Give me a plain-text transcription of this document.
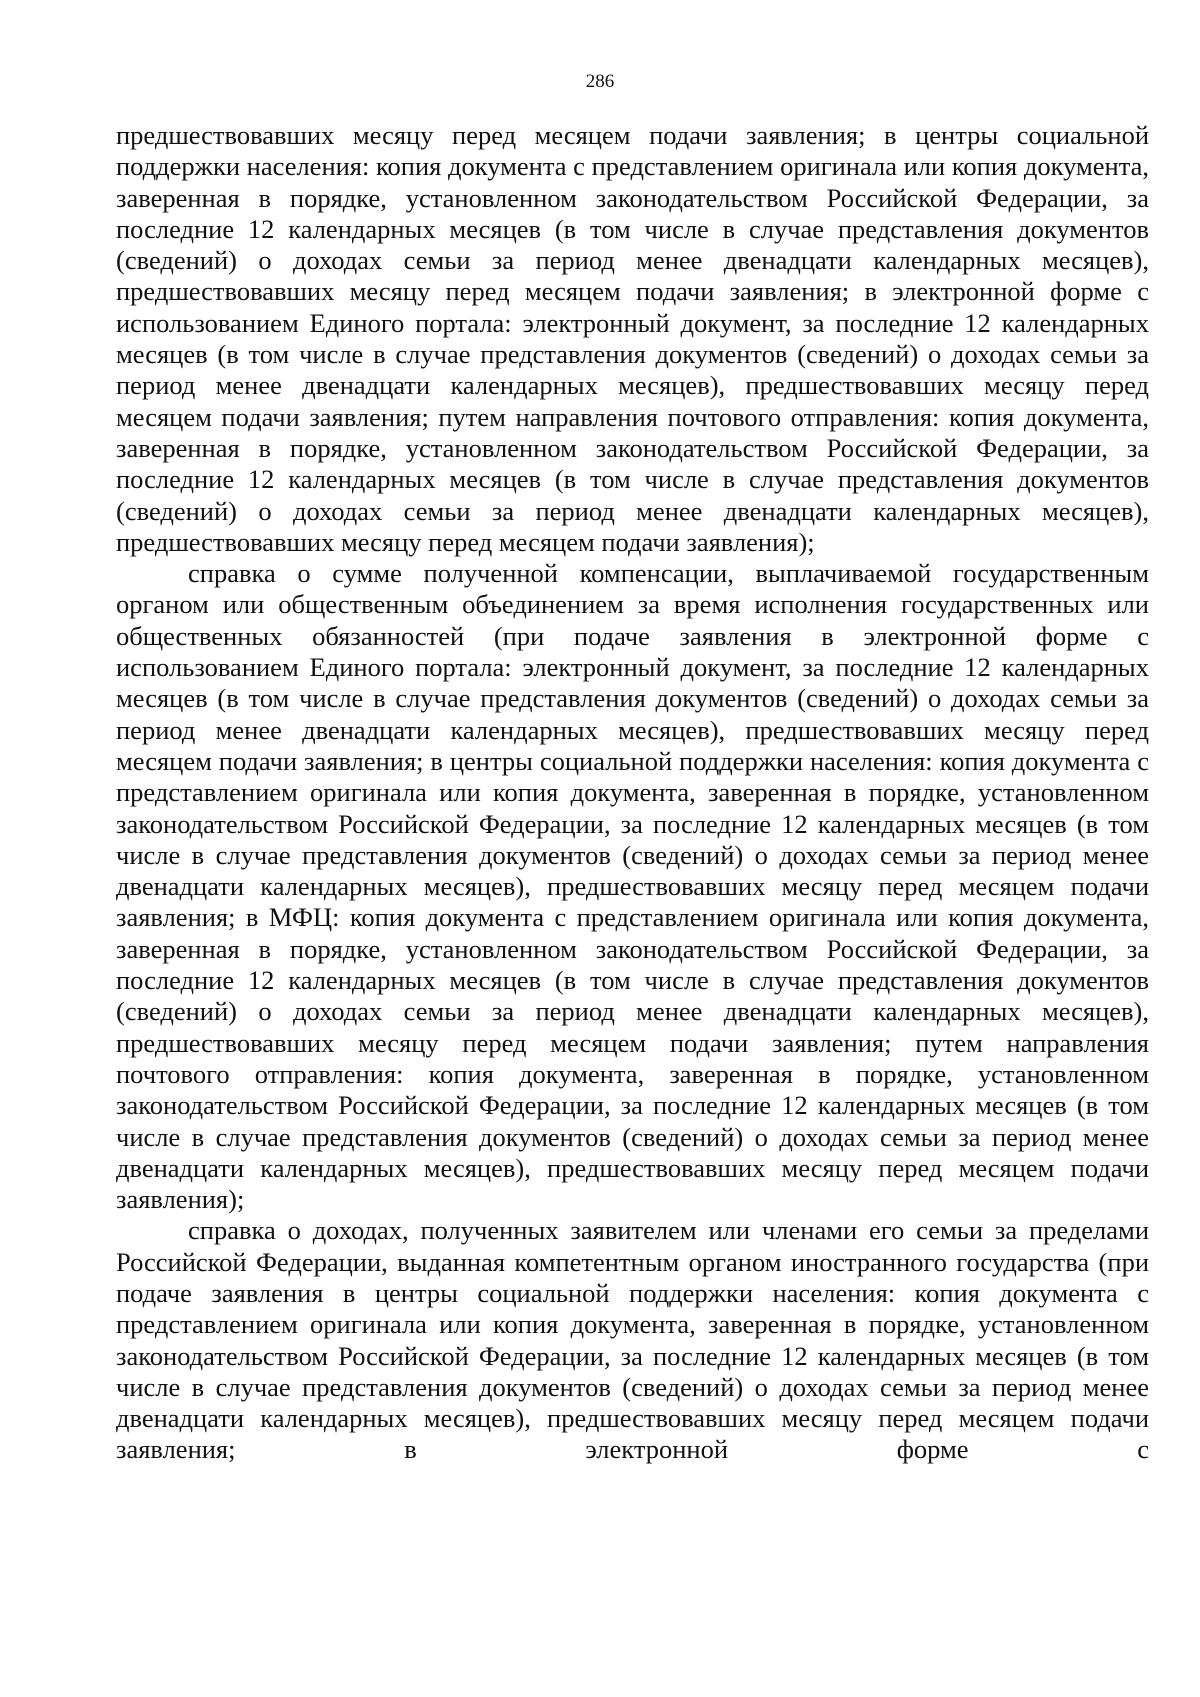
286

предшествовавших месяцу перед месяцем подачи заявления; в центры социальной поддержки населения: копия документа с представлением оригинала или копия документа, заверенная в порядке, установленном законодательством Российской Федерации, за последние 12 календарных месяцев (в том числе в случае представления документов (сведений) о доходах семьи за период менее двенадцати календарных месяцев), предшествовавших месяцу перед месяцем подачи заявления; в электронной форме с использованием Единого портала: электронный документ, за последние 12 календарных месяцев (в том числе в случае представления документов (сведений) о доходах семьи за период менее двенадцати календарных месяцев), предшествовавших месяцу перед месяцем подачи заявления; путем направления почтового отправления: копия документа, заверенная в порядке, установленном законодательством Российской Федерации, за последние 12 календарных месяцев (в том числе в случае представления документов (сведений) о доходах семьи за период менее двенадцати календарных месяцев), предшествовавших месяцу перед месяцем подачи заявления);

справка о сумме полученной компенсации, выплачиваемой государственным органом или общественным объединением за время исполнения государственных или общественных обязанностей (при подаче заявления в электронной форме с использованием Единого портала: электронный документ, за последние 12 календарных месяцев (в том числе в случае представления документов (сведений) о доходах семьи за период менее двенадцати календарных месяцев), предшествовавших месяцу перед месяцем подачи заявления; в центры социальной поддержки населения: копия документа с представлением оригинала или копия документа, заверенная в порядке, установленном законодательством Российской Федерации, за последние 12 календарных месяцев (в том числе в случае представления документов (сведений) о доходах семьи за период менее двенадцати календарных месяцев), предшествовавших месяцу перед месяцем подачи заявления; в МФЦ: копия документа с представлением оригинала или копия документа, заверенная в порядке, установленном законодательством Российской Федерации, за последние 12 календарных месяцев (в том числе в случае представления документов (сведений) о доходах семьи за период менее двенадцати календарных месяцев), предшествовавших месяцу перед месяцем подачи заявления; путем направления почтового отправления: копия документа, заверенная в порядке, установленном законодательством Российской Федерации, за последние 12 календарных месяцев (в том числе в случае представления документов (сведений) о доходах семьи за период менее двенадцати календарных месяцев), предшествовавших месяцу перед месяцем подачи заявления);

справка о доходах, полученных заявителем или членами его семьи за пределами Российской Федерации, выданная компетентным органом иностранного государства (при подаче заявления в центры социальной поддержки населения: копия документа с представлением оригинала или копия документа, заверенная в порядке, установленном законодательством Российской Федерации, за последние 12 календарных месяцев (в том числе в случае представления документов (сведений) о доходах семьи за период менее двенадцати календарных месяцев), предшествовавших месяцу перед месяцем подачи заявления; в электронной форме с
